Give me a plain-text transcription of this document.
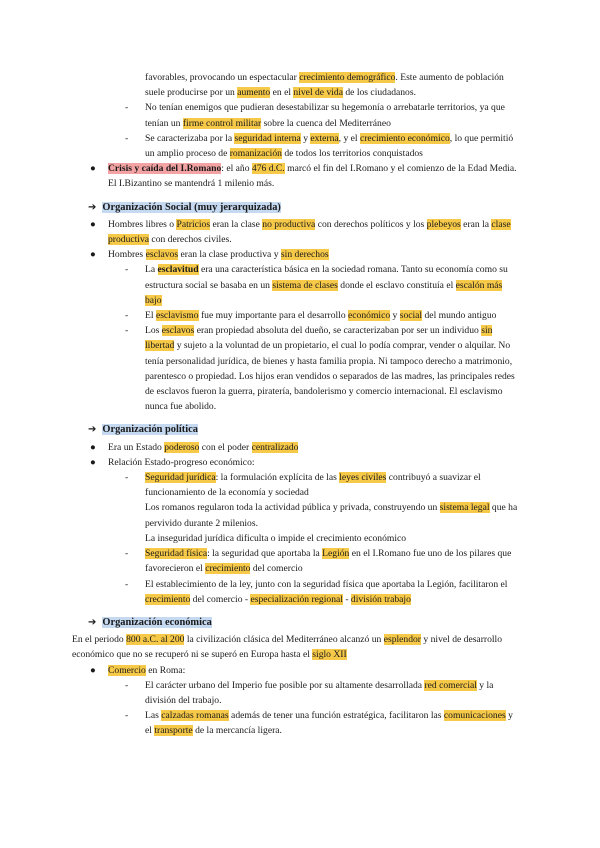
favorables, provocando un espectacular crecimiento demográfico. Este aumento de población suele producirse por un aumento en el nivel de vida de los ciudadanos.
- No tenían enemigos que pudieran desestabilizar su hegemonía o arrebatarle territorios, ya que tenían un firme control militar sobre la cuenca del Mediterráneo
- Se caracterizaba por la seguridad interna y externa, y el crecimiento económico, lo que permitió un amplio proceso de romanización de todos los territorios conquistados
● Crisis y caída del I.Romano: el año 476 d.C. marcó el fin del I.Romano y el comienzo de la Edad Media. El I.Bizantino se mantendrá 1 milenio más.
➔ Organización Social (muy jerarquizada)
● Hombres libres o Patricios eran la clase no productiva con derechos políticos y los plebeyos eran la clase productiva con derechos civiles.
● Hombres esclavos eran la clase productiva y sin derechos
- La esclavitud era una característica básica en la sociedad romana. Tanto su economía como su estructura social se basaba en un sistema de clases donde el esclavo constituía el escalón más bajo
- El esclavismo fue muy importante para el desarrollo económico y social del mundo antiguo
- Los esclavos eran propiedad absoluta del dueño, se caracterizaban por ser un individuo sin libertad y sujeto a la voluntad de un propietario, el cual lo podía comprar, vender o alquilar. No tenía personalidad jurídica, de bienes y hasta familia propia. Ni tampoco derecho a matrimonio, parentesco o propiedad. Los hijos eran vendidos o separados de las madres, las principales redes de esclavos fueron la guerra, piratería, bandolerismo y comercio internacional. El esclavismo nunca fue abolido.
➔ Organización política
● Era un Estado poderoso con el poder centralizado
● Relación Estado-progreso económico:
- Seguridad jurídica: la formulación explícita de las leyes civiles contribuyó a suavizar el funcionamiento de la economía y sociedad
Los romanos regularon toda la actividad pública y privada, construyendo un sistema legal que ha pervivido durante 2 milenios.
La inseguridad jurídica dificulta o impide el crecimiento económico
- Seguridad física: la seguridad que aportaba la Legión en el I.Romano fue uno de los pilares que favorecieron el crecimiento del comercio
- El establecimiento de la ley, junto con la seguridad física que aportaba la Legión, facilitaron el crecimiento del comercio - especialización regional - división trabajo
➔ Organización económica
En el periodo 800 a.C. al 200 la civilización clásica del Mediterráneo alcanzó un esplendor y nivel de desarrollo económico que no se recuperó ni se superó en Europa hasta el siglo XII
● Comercio en Roma:
- El carácter urbano del Imperio fue posible por su altamente desarrollada red comercial y la división del trabajo.
- Las calzadas romanas además de tener una función estratégica, facilitaron las comunicaciones y el transporte de la mercancía ligera.
